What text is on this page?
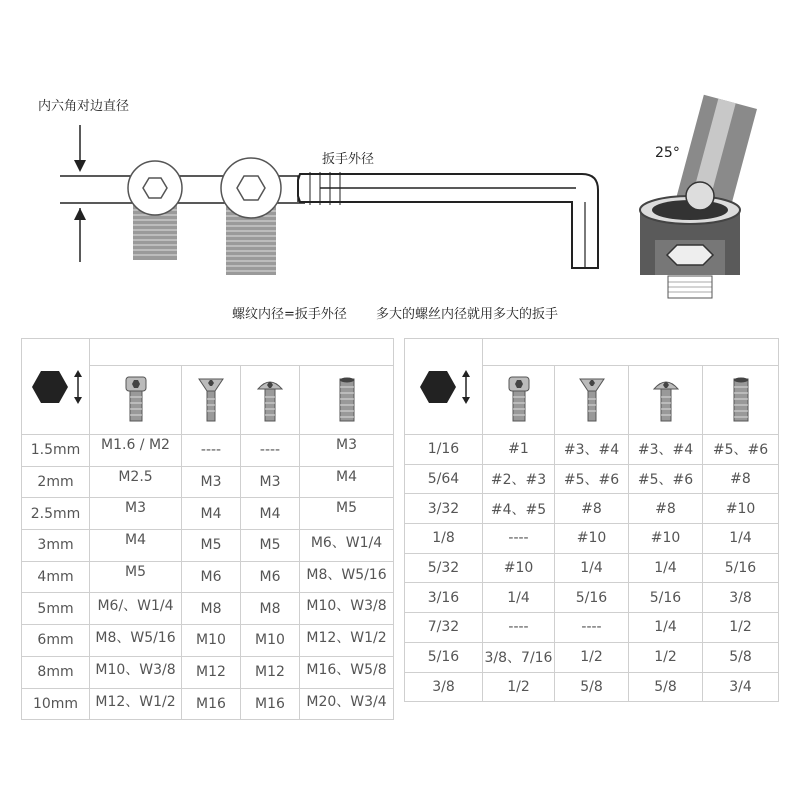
内六角对边直径
扳手外径	25°
螺纹内径=扳手外径 多大的螺丝内径就用多大的扳手

1.5mm	M1.6 / M2	----	----	M3
2mm	M2.5	M3	M3	M4
2.5mm	M3	M4	M4	M5
3mm	M4	M5	M5	M6、W1/4
4mm	M5	M6	M6	M8、W5/16
5mm	M6/、W1/4	M8	M8	M10、W3/8
6mm	M8、W5/16	M10	M10	M12、W1/2
8mm	M10、W3/8	M12	M12	M16、W5/8
10mm	M12、W1/2	M16	M16	M20、W3/4

1/16	#1	#3、#4	#3、#4	#5、#6
5/64	#2、#3	#5、#6	#5、#6	#8
3/32	#4、#5	#8	#8	#10
1/8	----	#10	#10	1/4
5/32	#10	1/4	1/4	5/16
3/16	1/4	5/16	5/16	3/8
7/32	----	----	1/4	1/2
5/16	3/8、7/16	1/2	1/2	5/8
3/8	1/2	5/8	5/8	3/4
